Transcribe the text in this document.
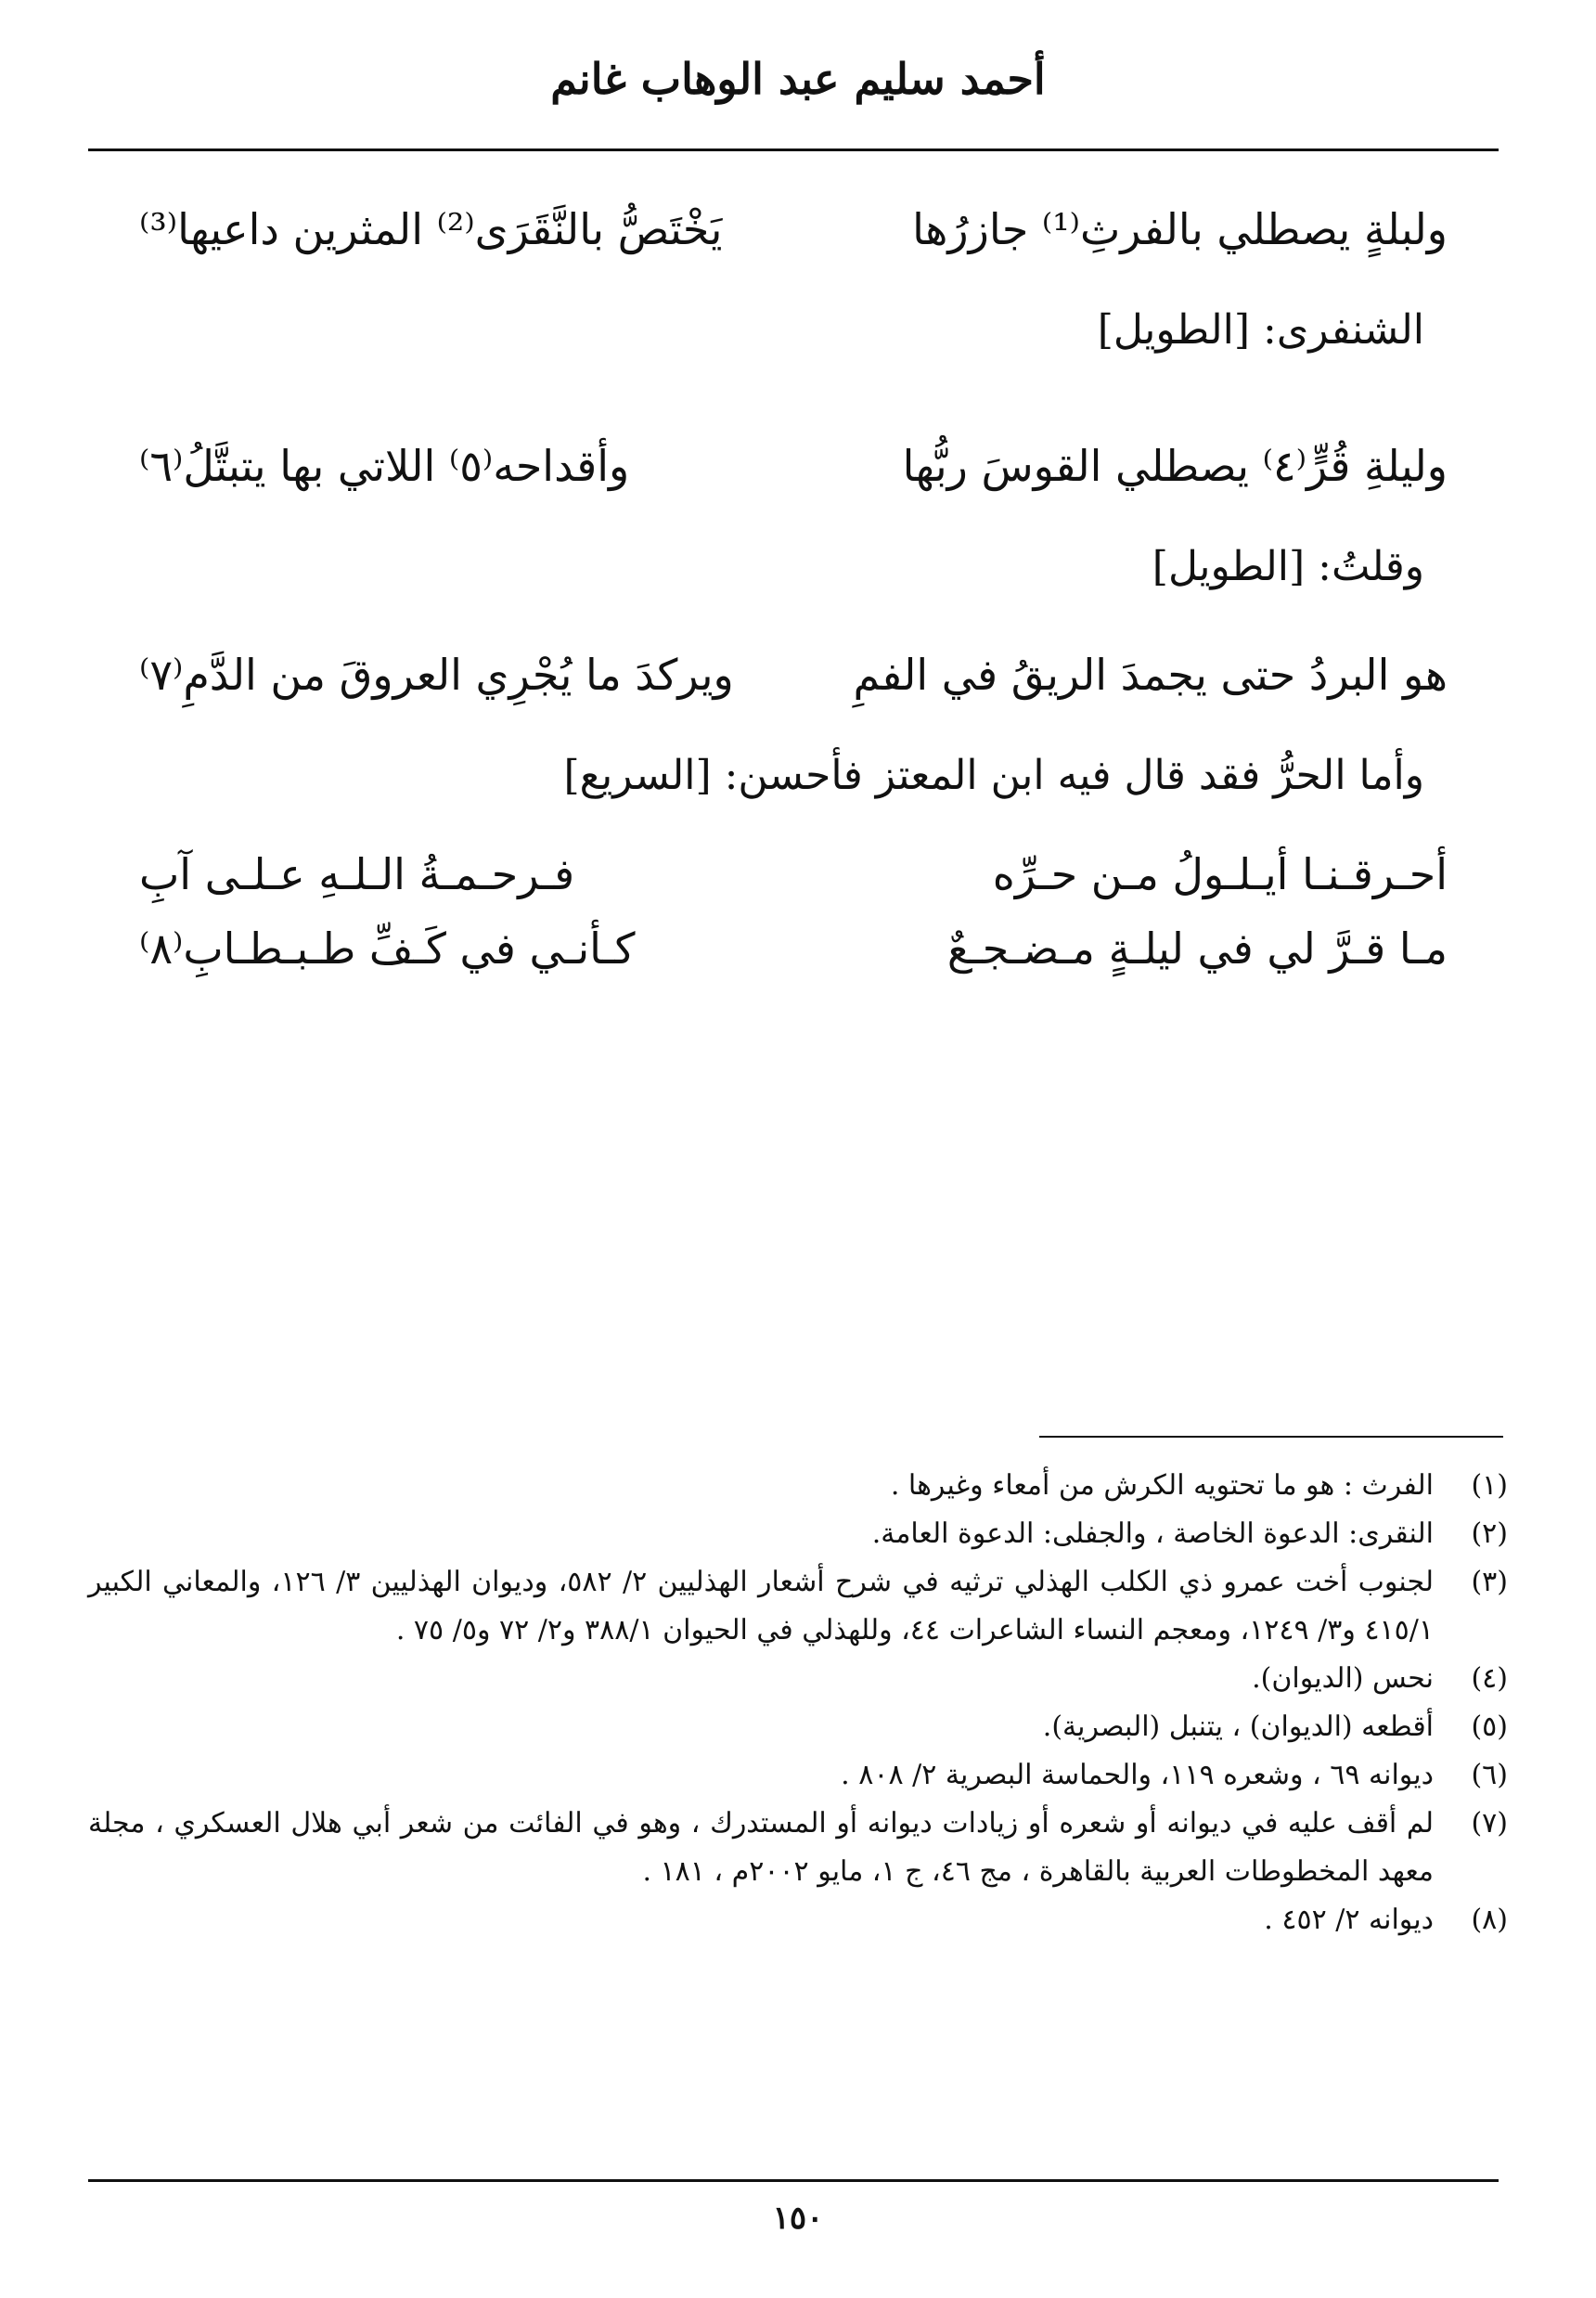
أحمد سليم عبد الوهاب غانم
ولبلةٍ يصطلي بالفرثِ⁽¹⁾ جازرُها
يَخْتَصُّ بالنَّقَرَى⁽²⁾ المثرين داعيها⁽³⁾
الشنفرى: [الطويل]
وليلةِ قُرٍّ⁽٤⁾ يصطلي القوسَ ربُّها
وأقداحه⁽٥⁾ اللاتي بها يتبتَّلُ⁽٦⁾
وقلتُ: [الطويل]
هو البردُ حتى يجمدَ الريقُ في الفمِ
ويركدَ ما يُجْرِي العروقَ من الدَّمِ⁽٧⁾
وأما الحرُّ فقد قال فيه ابن المعتز فأحسن: [السريع]
أحـرقـنـا أيـلـولُ مـن حـرِّه
فـرحـمـةُ الـلـهِ عـلـى آبِ
مـا قـرَّ لي في ليلـةٍ مـضـجـعٌ
كـأنـي في كَـفِّ طـبـطـابِ⁽٨⁾
(١)
الفرث : هو ما تحتويه الكرش من أمعاء وغيرها .
(٢)
النقرى: الدعوة الخاصة ، والجفلى: الدعوة العامة.
(٣)
لجنوب أخت عمرو ذي الكلب الهذلي ترثيه في شرح أشعار الهذليين ٢/ ٥٨٢، وديوان الهذليين ٣/ ١٢٦، والمعاني الكبير ٤١٥/١ و٣/ ١٢٤٩، ومعجم النساء الشاعرات ٤٤، وللهذلي في الحيوان ٣٨٨/١ و٢/ ٧٢ و٥/ ٧٥ .
(٤)
نحس (الديوان).
(٥)
أقطعه (الديوان) ، يتنبل (البصرية).
(٦)
ديوانه ٦٩ ، وشعره ١١٩، والحماسة البصرية ٢/ ٨٠٨ .
(٧)
لم أقف عليه في ديوانه أو شعره أو زيادات ديوانه أو المستدرك ، وهو في الفائت من شعر أبي هلال العسكري ، مجلة معهد المخطوطات العربية بالقاهرة ، مج ٤٦، ج ١، مايو ٢٠٠٢م ، ١٨١ .
(٨)
ديوانه ٢/ ٤٥٢ .
١٥٠
